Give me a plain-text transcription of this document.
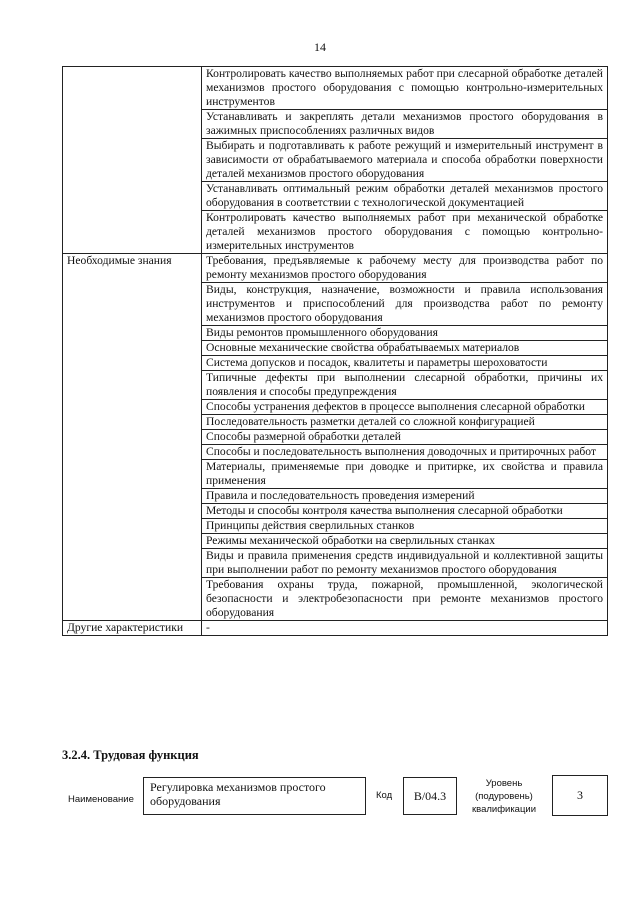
14
	Контролировать качество выполняемых работ при слесарной обработке деталей механизмов простого оборудования с помощью контрольно-измерительных инструментов
	Устанавливать и закреплять детали механизмов простого оборудования в зажимных приспособлениях различных видов
	Выбирать и подготавливать к работе режущий и измерительный инструмент в зависимости от обрабатываемого материала и способа обработки поверхности деталей механизмов простого оборудования
	Устанавливать оптимальный режим обработки деталей механизмов простого оборудования в соответствии с технологической документацией
	Контролировать качество выполняемых работ при механической обработке деталей механизмов простого оборудования с помощью контрольно-измерительных инструментов
Необходимые знания	Требования, предъявляемые к рабочему месту для производства работ по ремонту механизмов простого оборудования
	Виды, конструкция, назначение, возможности и правила использования инструментов и приспособлений для производства работ по ремонту механизмов простого оборудования
	Виды ремонтов промышленного оборудования
	Основные механические свойства обрабатываемых материалов
	Система допусков и посадок, квалитеты и параметры шероховатости
	Типичные дефекты при выполнении слесарной обработки, причины их появления и способы предупреждения
	Способы устранения дефектов в процессе выполнения слесарной обработки
	Последовательность разметки деталей со сложной конфигурацией
	Способы размерной обработки деталей
	Способы и последовательность выполнения доводочных и притирочных работ
	Материалы, применяемые при доводке и притирке, их свойства и правила применения
	Правила и последовательность проведения измерений
	Методы и способы контроля качества выполнения слесарной обработки
	Принципы действия сверлильных станков
	Режимы механической обработки на сверлильных станках
	Виды и правила применения средств индивидуальной и коллективной защиты при выполнении работ по ремонту механизмов простого оборудования
	Требования охраны труда, пожарной, промышленной, экологической безопасности и электробезопасности при ремонте механизмов простого оборудования
Другие характеристики	-
3.2.4. Трудовая функция
Наименование
Регулировка механизмов простого оборудования	Код	B/04.3
Уровень
(подуровень)
квалификации
3
